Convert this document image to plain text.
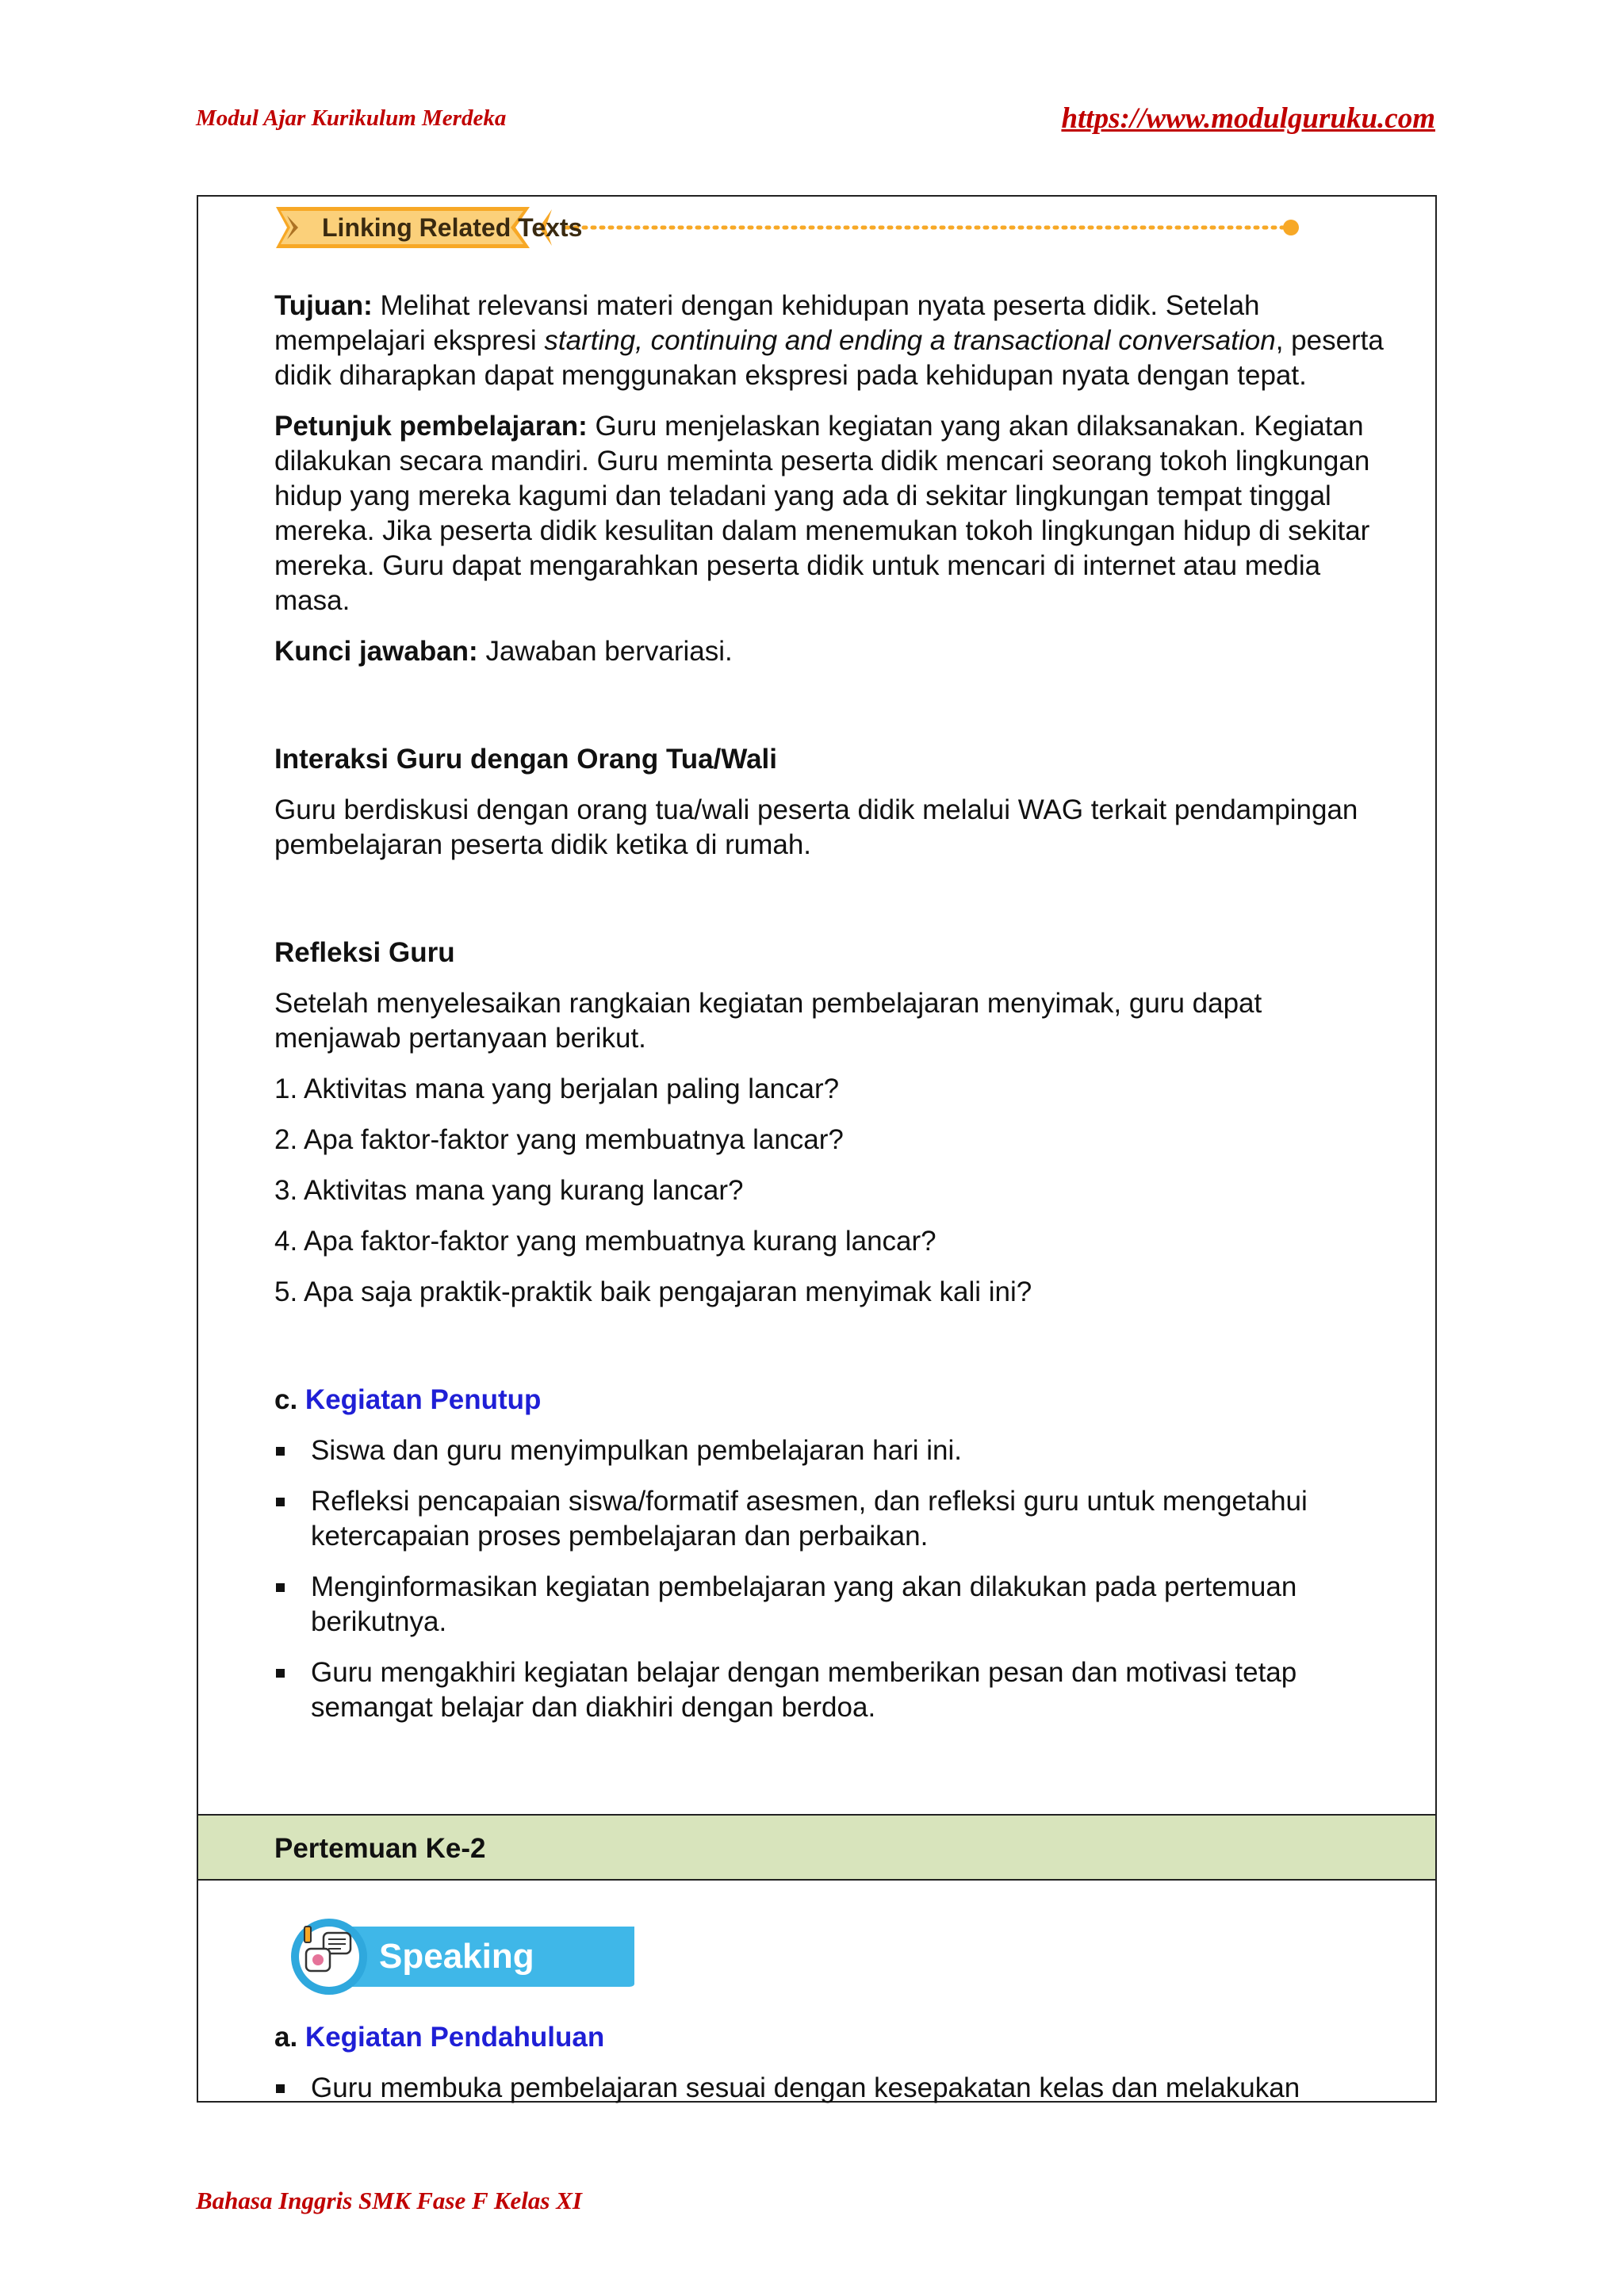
Modul Ajar Kurikulum Merdeka	https://www.modulguruku.com
Linking Related Texts

Tujuan: Melihat relevansi materi dengan kehidupan nyata peserta didik. Setelah mempelajari ekspresi starting, continuing and ending a transactional conversation, peserta didik diharapkan dapat menggunakan ekspresi pada kehidupan nyata dengan tepat.

Petunjuk pembelajaran: Guru menjelaskan kegiatan yang akan dilaksanakan. Kegiatan dilakukan secara mandiri. Guru meminta peserta didik mencari seorang tokoh lingkungan hidup yang mereka kagumi dan teladani yang ada di sekitar lingkungan tempat tinggal mereka. Jika peserta didik kesulitan dalam menemukan tokoh lingkungan hidup di sekitar mereka. Guru dapat mengarahkan peserta didik untuk mencari di internet atau media masa.

Kunci jawaban: Jawaban bervariasi.

Interaksi Guru dengan Orang Tua/Wali

Guru berdiskusi dengan orang tua/wali peserta didik melalui WAG terkait pendampingan pembelajaran peserta didik ketika di rumah.

Refleksi Guru

Setelah menyelesaikan rangkaian kegiatan pembelajaran menyimak, guru dapat menjawab pertanyaan berikut.

1. Aktivitas mana yang berjalan paling lancar?

2. Apa faktor-faktor yang membuatnya lancar?

3. Aktivitas mana yang kurang lancar?

4. Apa faktor-faktor yang membuatnya kurang lancar?

5. Apa saja praktik-praktik baik pengajaran menyimak kali ini?

c. Kegiatan Penutup

Siswa dan guru menyimpulkan pembelajaran hari ini.

Refleksi pencapaian siswa/formatif asesmen, dan refleksi guru untuk mengetahui ketercapaian proses pembelajaran dan perbaikan.

Menginformasikan kegiatan pembelajaran yang akan dilakukan pada pertemuan berikutnya.

Guru mengakhiri kegiatan belajar dengan memberikan pesan dan motivasi tetap semangat belajar dan diakhiri dengan berdoa.

Pertemuan Ke-2
Speaking

a. Kegiatan Pendahuluan

Guru membuka pembelajaran sesuai dengan kesepakatan kelas dan melakukan

Bahasa Inggris SMK Fase F Kelas XI
